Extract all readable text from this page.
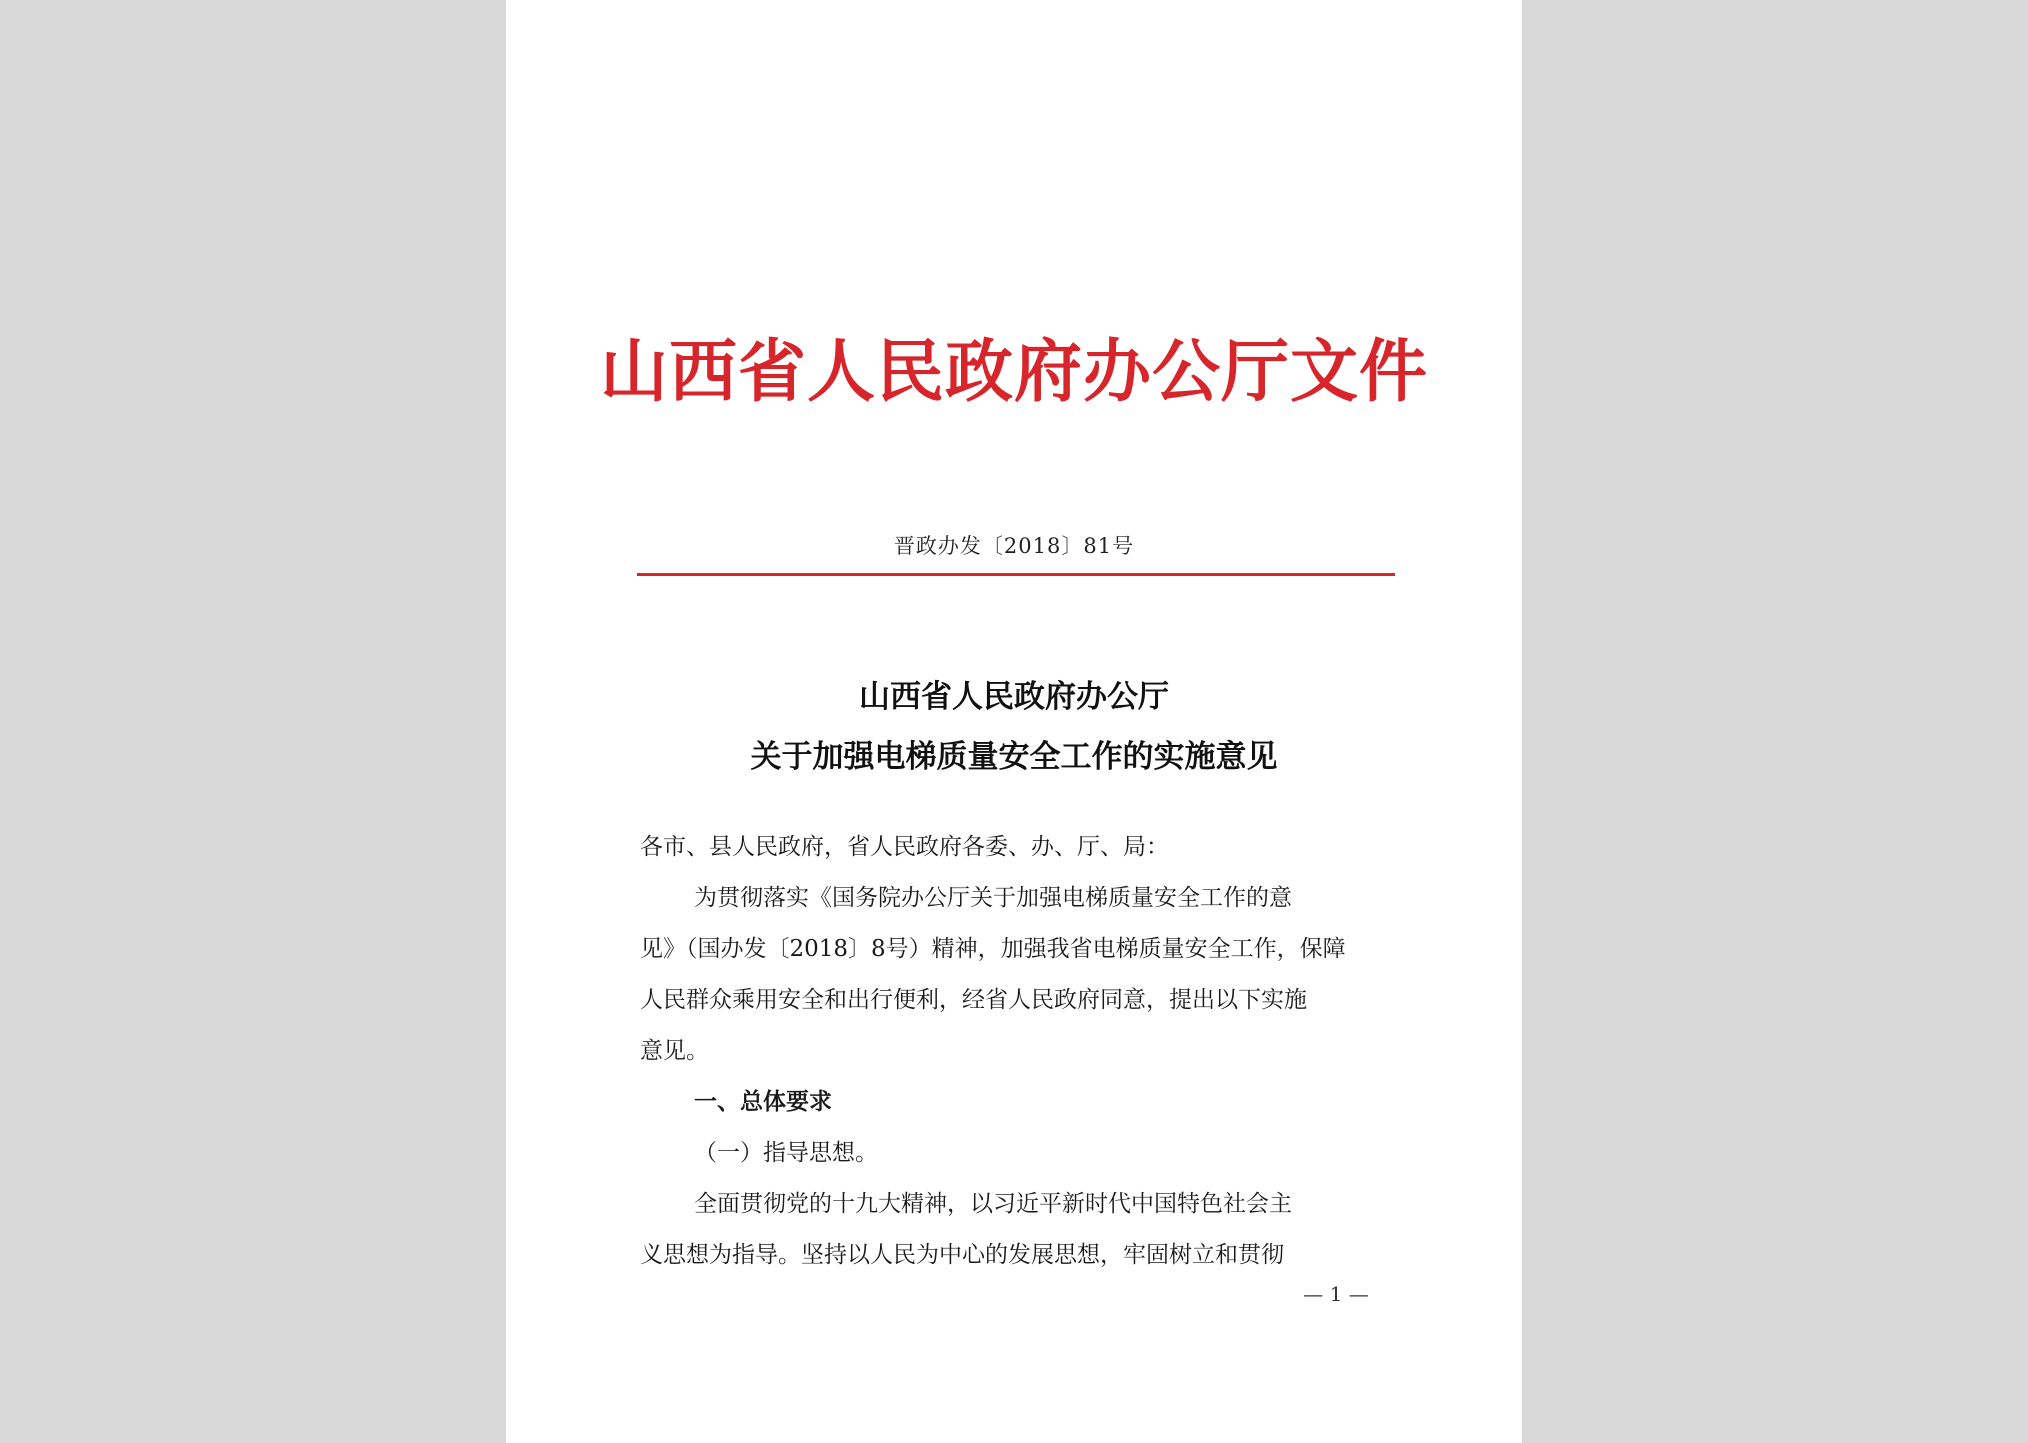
山西省人民政府办公厅文件
晋政办发〔2018〕81号
山西省人民政府办公厅
关于加强电梯质量安全工作的实施意见

各市、县人民政府，省人民政府各委、办、厅、局：

为贯彻落实《国务院办公厅关于加强电梯质量安全工作的意

见》（国办发〔2018〕8号）精神，加强我省电梯质量安全工作，保障

人民群众乘用安全和出行便利，经省人民政府同意，提出以下实施

意见。

一、总体要求

（一）指导思想。

全面贯彻党的十九大精神，以习近平新时代中国特色社会主

义思想为指导。坚持以人民为中心的发展思想，牢固树立和贯彻

— 1 —
